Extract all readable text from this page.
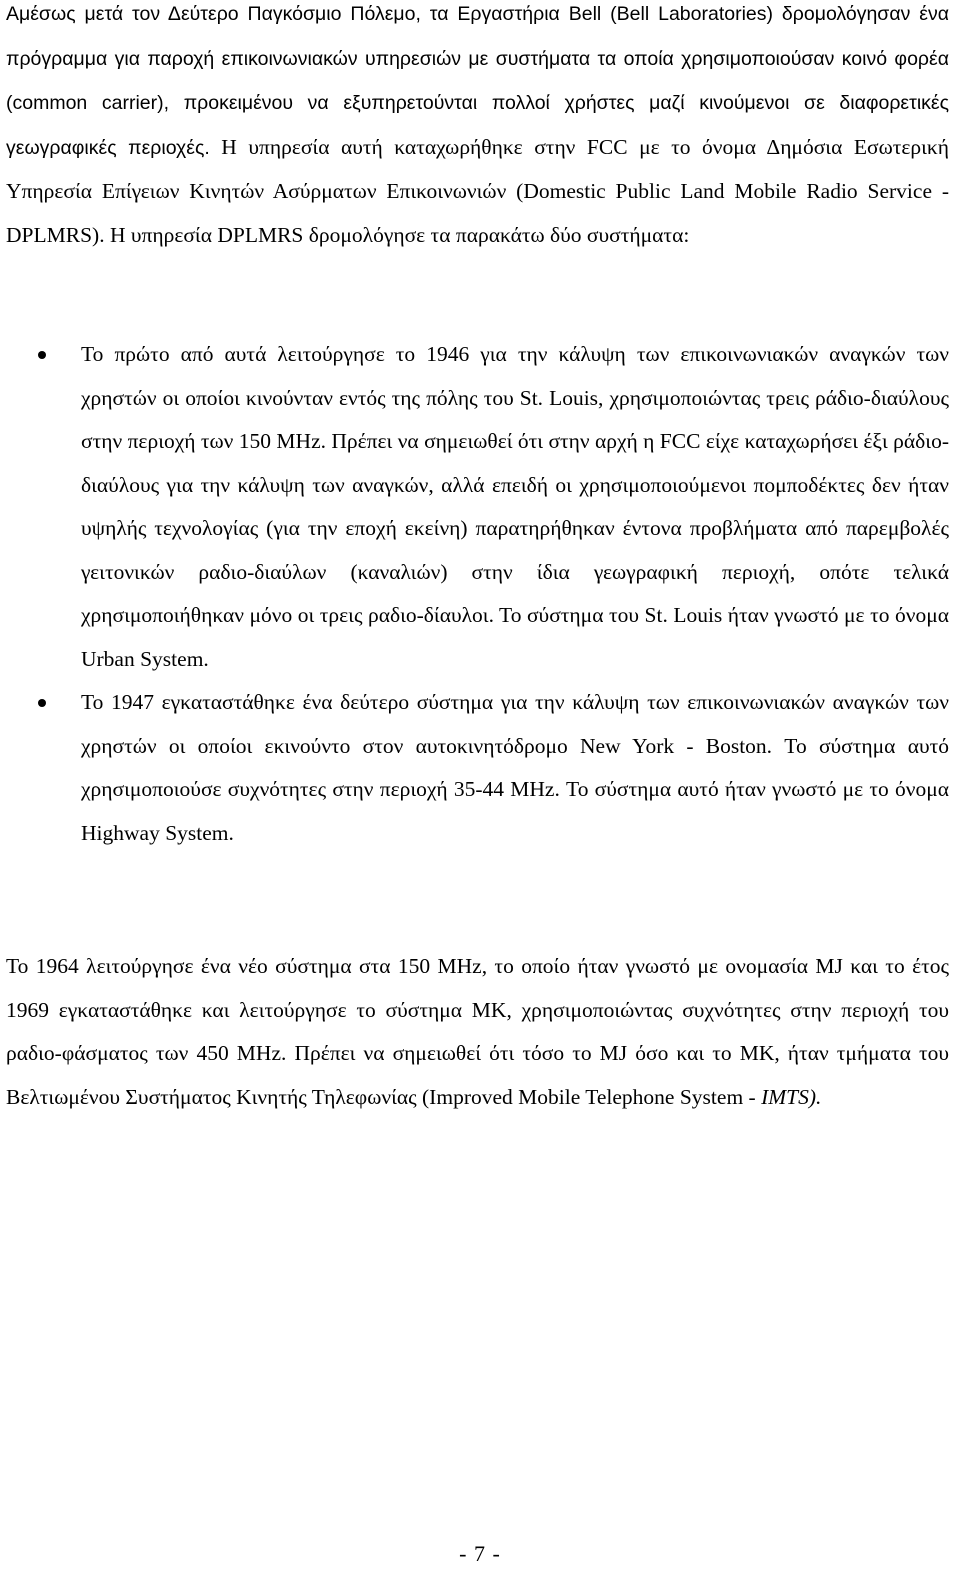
Αμέσως μετά τον Δεύτερο Παγκόσμιο Πόλεμο, τα Εργαστήρια Bell (Bell Laboratories) δρομολόγησαν ένα πρόγραμμα για παροχή επικοινωνιακών υπηρεσιών με συστήματα τα οποία χρησιμοποιούσαν κοινό φορέα (common carrier), προκειμένου να εξυπηρετούνται πολλοί χρήστες μαζί κινούμενοι σε διαφορετικές γεωγραφικές περιοχές. Η υπηρεσία αυτή καταχωρήθηκε στην FCC με το όνομα Δημόσια Εσωτερική Υπηρεσία Επίγειων Κινητών Ασύρματων Επικοινωνιών (Domestic Public Land Mobile Radio Service - DPLMRS). Η υπηρεσία DPLMRS δρομολόγησε τα παρακάτω δύο συστήματα:

Το πρώτο από αυτά λειτούργησε το 1946 για την κάλυψη των επικοινωνιακών αναγκών των χρηστών οι οποίοι κινούνταν εντός της πόλης του St. Louis, χρησιμοποιώντας τρεις ράδιο-διαύλους στην περιοχή των 150 MHz. Πρέπει να σημειωθεί ότι στην αρχή η FCC είχε καταχωρήσει έξι ράδιο-διαύλους για την κάλυψη των αναγκών, αλλά επειδή οι χρησιμοποιούμενοι πομποδέκτες δεν ήταν υψηλής τεχνολογίας (για την εποχή εκείνη) παρατηρήθηκαν έντονα προβλήματα από παρεμβολές γειτονικών ραδιο-διαύλων (καναλιών) στην ίδια γεωγραφική περιοχή, οπότε τελικά χρησιμοποιήθηκαν μόνο οι τρεις ραδιο-δίαυλοι. Το σύστημα του St. Louis ήταν γνωστό με το όνομα Urban System.

Το 1947 εγκαταστάθηκε ένα δεύτερο σύστημα για την κάλυψη των επικοινωνιακών αναγκών των χρηστών οι οποίοι εκινούντο στον αυτοκινητόδρομο New York - Boston. Το σύστημα αυτό χρησιμοποιούσε συχνότητες στην περιοχή 35-44 MHz. Το σύστημα αυτό ήταν γνωστό με το όνομα Highway System.

Το 1964 λειτούργησε ένα νέο σύστημα στα 150 MHz, το οποίο ήταν γνωστό με ονομασία MJ και το έτος 1969 εγκαταστάθηκε και λειτούργησε το σύστημα MK, χρησιμοποιώντας συχνότητες στην περιοχή του ραδιο-φάσματος των 450 MHz. Πρέπει να σημειωθεί ότι τόσο το MJ όσο και το MK, ήταν τμήματα του Βελτιωμένου Συστήματος Κινητής Τηλεφωνίας (Improved Mobile Telephone System - IMTS).

- 7 -
